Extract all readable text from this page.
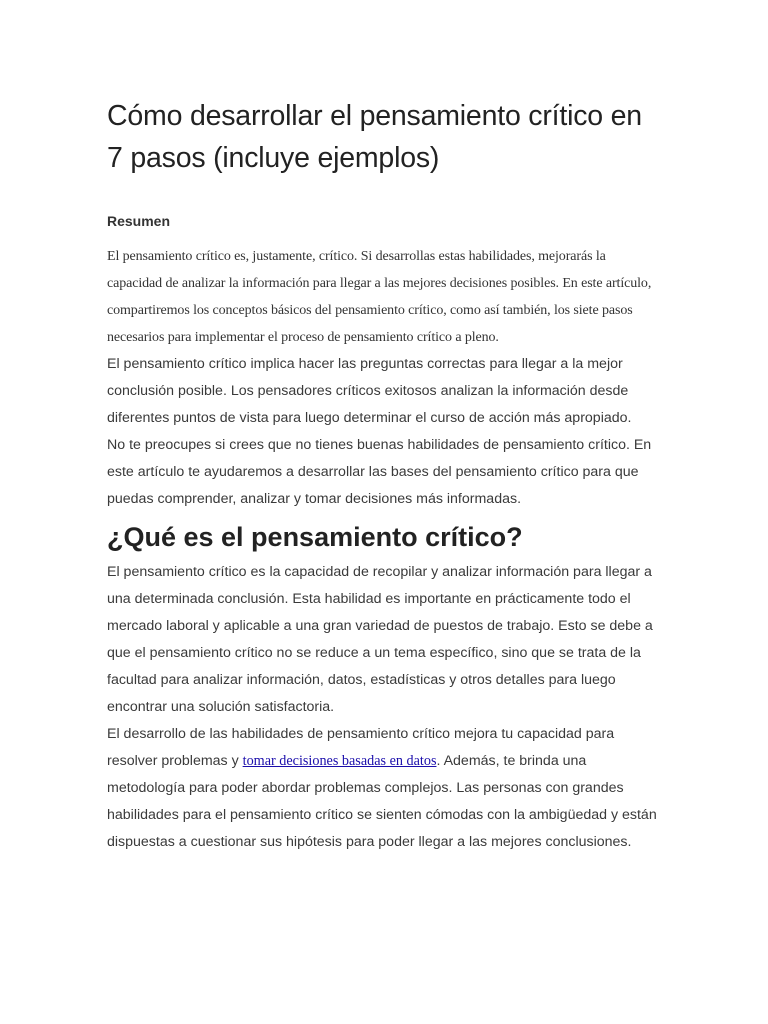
Cómo desarrollar el pensamiento crítico en 7 pasos (incluye ejemplos)
Resumen

El pensamiento crítico es, justamente, crítico. Si desarrollas estas habilidades, mejorarás la capacidad de analizar la información para llegar a las mejores decisiones posibles. En este artículo, compartiremos los conceptos básicos del pensamiento crítico, como así también, los siete pasos necesarios para implementar el proceso de pensamiento crítico a pleno.

El pensamiento crítico implica hacer las preguntas correctas para llegar a la mejor conclusión posible. Los pensadores críticos exitosos analizan la información desde diferentes puntos de vista para luego determinar el curso de acción más apropiado.

No te preocupes si crees que no tienes buenas habilidades de pensamiento crítico. En este artículo te ayudaremos a desarrollar las bases del pensamiento crítico para que puedas comprender, analizar y tomar decisiones más informadas.

¿Qué es el pensamiento crítico?

El pensamiento crítico es la capacidad de recopilar y analizar información para llegar a una determinada conclusión. Esta habilidad es importante en prácticamente todo el mercado laboral y aplicable a una gran variedad de puestos de trabajo. Esto se debe a que el pensamiento crítico no se reduce a un tema específico, sino que se trata de la facultad para analizar información, datos, estadísticas y otros detalles para luego encontrar una solución satisfactoria.

El desarrollo de las habilidades de pensamiento crítico mejora tu capacidad para resolver problemas y tomar decisiones basadas en datos. Además, te brinda una metodología para poder abordar problemas complejos. Las personas con grandes habilidades para el pensamiento crítico se sienten cómodas con la ambigüedad y están dispuestas a cuestionar sus hipótesis para poder llegar a las mejores conclusiones.
